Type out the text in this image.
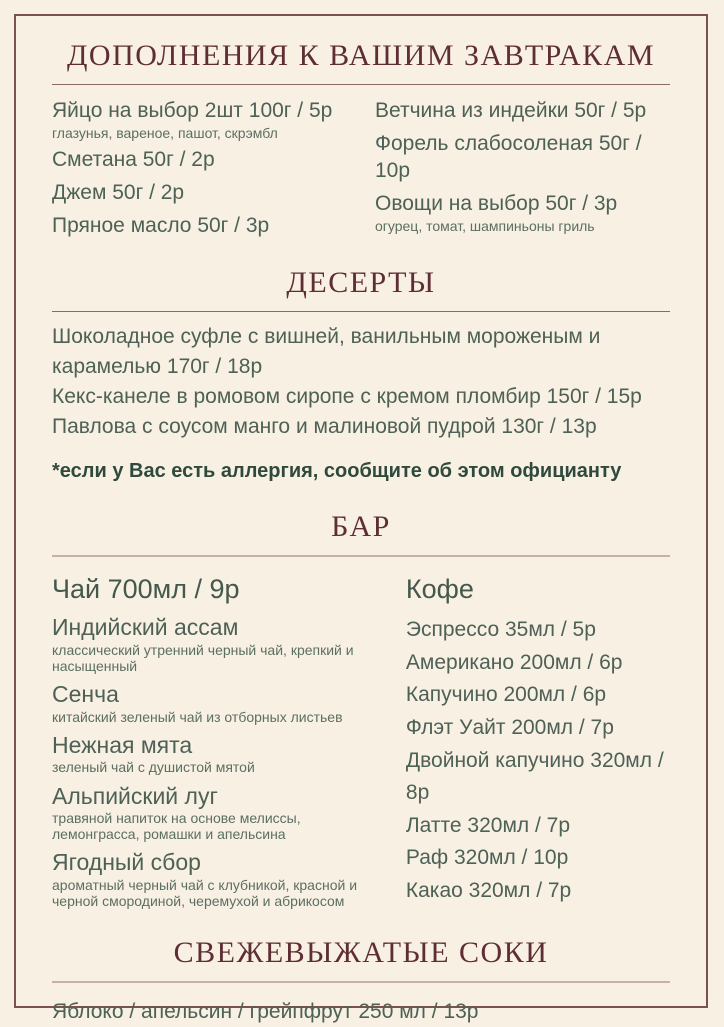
ДОПОЛНЕНИЯ К ВАШИМ ЗАВТРАКАМ
Яйцо на выбор 2шт 100г / 5р
глазунья, вареное, пашот, скрэмбл
Сметана 50г / 2р
Джем 50г / 2р
Пряное масло 50г / 3р
Ветчина из индейки 50г / 5р
Форель слабосоленая 50г / 10р
Овощи на выбор 50г / 3р
огурец, томат, шампиньоны гриль
ДЕСЕРТЫ
Шоколадное суфле с вишней, ванильным мороженым и карамелью 170г / 18р
Кекс-канеле в ромовом сиропе с кремом пломбир 150г / 15р
Павлова с соусом манго и малиновой пудрой 130г / 13р
*если у Вас есть аллергия, сообщите об этом официанту
БАР
Чай 700мл / 9р
Индийский ассам
классический утренний черный чай, крепкий и насыщенный
Сенча
китайский зеленый чай из отборных листьев
Нежная мята
зеленый чай с душистой мятой
Альпийский луг
травяной напиток на основе мелиссы, лемонграсса, ромашки и апельсина
Ягодный сбор
ароматный черный чай с клубникой, красной и черной смородиной, черемухой и абрикосом
Кофе
Эспрессо 35мл / 5р
Американо 200мл / 6р
Капучино 200мл / 6р
Флэт Уайт 200мл / 7р
Двойной капучино 320мл / 8р
Латте 320мл / 7р
Раф 320мл / 10р
Какао 320мл / 7р
СВЕЖЕВЫЖАТЫЕ СОКИ
Яблоко / апельсин / грейпфрут 250 мл / 13р
